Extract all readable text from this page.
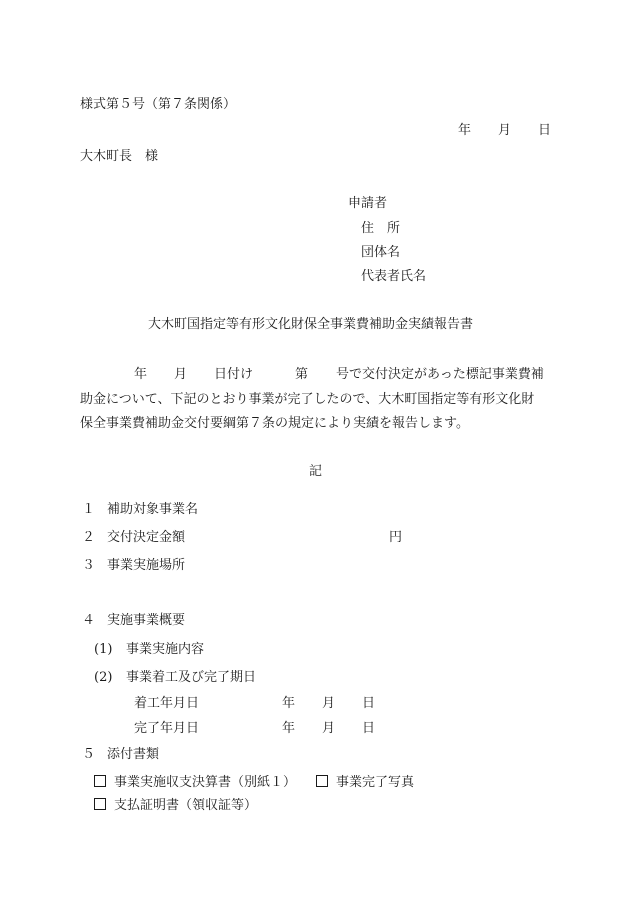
様式第５号（第７条関係）
年 月 日
大木町長　様
申請者
住　所
団体名
代表者氏名
大木町国指定等有形文化財保全事業費補助金実績報告書
年 月 日付け	第 号で交付決定があった標記事業費補
助金について、下記のとおり事業が完了したので、大木町国指定等有形文化財
保全事業費補助金交付要綱第７条の規定により実績を報告します。
記
１ 補助対象事業名
２ 交付決定金額	円
３ 事業実施場所
４ 実施事業概要
(1) 事業実施内容
(2) 事業着工及び完了期日
着工年月日	年 月 日
完了年月日	年 月 日
５ 添付書類
事業実施収支決算書（別紙１）	事業完了写真
支払証明書（領収証等）
